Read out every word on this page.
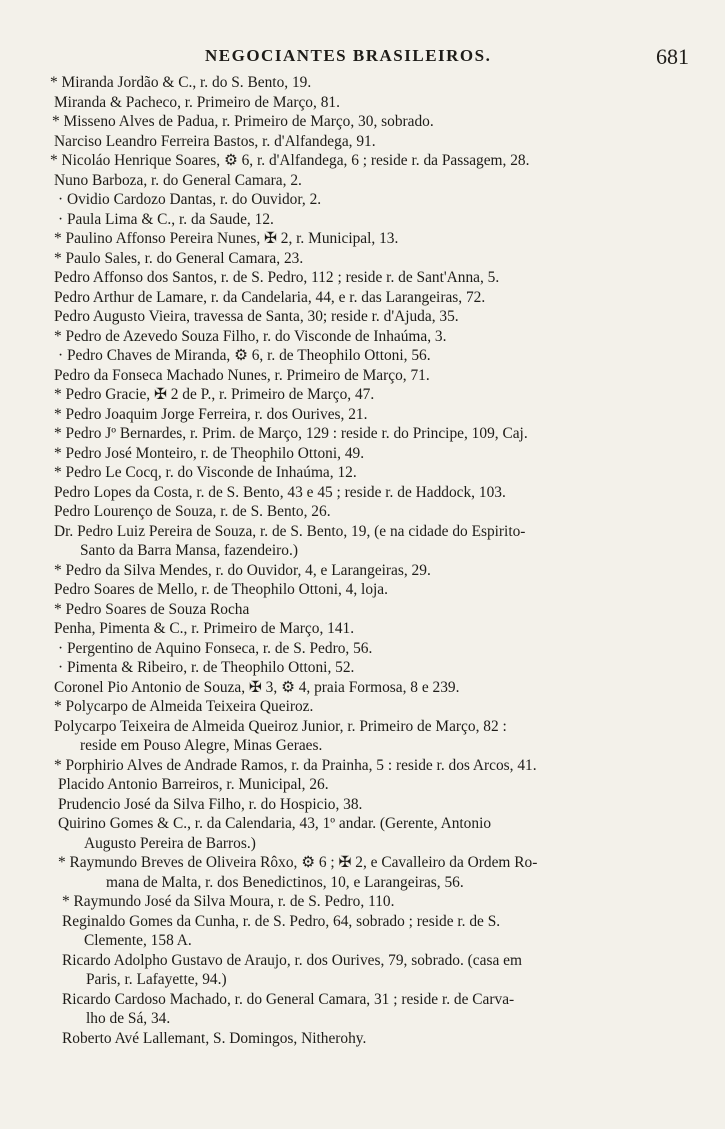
NEGOCIANTES BRASILEIROS.	681
* Miranda Jordão & C., r. do S. Bento, 19.
Miranda & Pacheco, r. Primeiro de Março, 81.
* Misseno Alves de Padua, r. Primeiro de Março, 30, sobrado.
Narciso Leandro Ferreira Bastos, r. d'Alfandega, 91.
* Nicoláo Henrique Soares, ⚙ 6, r. d'Alfandega, 6 ; reside r. da Passagem, 28.
Nuno Barboza, r. do General Camara, 2.
· Ovidio Cardozo Dantas, r. do Ouvidor, 2.
· Paula Lima & C., r. da Saude, 12.
* Paulino Affonso Pereira Nunes, ✠ 2, r. Municipal, 13.
* Paulo Sales, r. do General Camara, 23.
Pedro Affonso dos Santos, r. de S. Pedro, 112 ; reside r. de Sant'Anna, 5.
Pedro Arthur de Lamare, r. da Candelaria, 44, e r. das Larangeiras, 72.
Pedro Augusto Vieira, travessa de Santa, 30; reside r. d'Ajuda, 35.
* Pedro de Azevedo Souza Filho, r. do Visconde de Inhaúma, 3.
· Pedro Chaves de Miranda, ⚙ 6, r. de Theophilo Ottoni, 56.
Pedro da Fonseca Machado Nunes, r. Primeiro de Março, 71.
* Pedro Gracie, ✠ 2 de P., r. Primeiro de Março, 47.
* Pedro Joaquim Jorge Ferreira, r. dos Ourives, 21.
* Pedro Jº Bernardes, r. Prim. de Março, 129 : reside r. do Principe, 109, Caj.
* Pedro José Monteiro, r. de Theophilo Ottoni, 49.
* Pedro Le Cocq, r. do Visconde de Inhaúma, 12.
Pedro Lopes da Costa, r. de S. Bento, 43 e 45 ; reside r. de Haddock, 103.
Pedro Lourenço de Souza, r. de S. Bento, 26.
Dr. Pedro Luiz Pereira de Souza, r. de S. Bento, 19, (e na cidade do Espirito-
Santo da Barra Mansa, fazendeiro.)
* Pedro da Silva Mendes, r. do Ouvidor, 4, e Larangeiras, 29.
Pedro Soares de Mello, r. de Theophilo Ottoni, 4, loja.
* Pedro Soares de Souza Rocha
Penha, Pimenta & C., r. Primeiro de Março, 141.
· Pergentino de Aquino Fonseca, r. de S. Pedro, 56.
· Pimenta & Ribeiro, r. de Theophilo Ottoni, 52.
Coronel Pio Antonio de Souza, ✠ 3, ⚙ 4, praia Formosa, 8 e 239.
* Polycarpo de Almeida Teixeira Queiroz.
Polycarpo Teixeira de Almeida Queiroz Junior, r. Primeiro de Março, 82 :
reside em Pouso Alegre, Minas Geraes.
* Porphirio Alves de Andrade Ramos, r. da Prainha, 5 : reside r. dos Arcos, 41.
Placido Antonio Barreiros, r. Municipal, 26.
Prudencio José da Silva Filho, r. do Hospicio, 38.
Quirino Gomes & C., r. da Calendaria, 43, 1º andar. (Gerente, Antonio
Augusto Pereira de Barros.)
* Raymundo Breves de Oliveira Rôxo, ⚙ 6 ; ✠ 2, e Cavalleiro da Ordem Ro-
mana de Malta, r. dos Benedictinos, 10, e Larangeiras, 56.
* Raymundo José da Silva Moura, r. de S. Pedro, 110.
Reginaldo Gomes da Cunha, r. de S. Pedro, 64, sobrado ; reside r. de S.
Clemente, 158 A.
Ricardo Adolpho Gustavo de Araujo, r. dos Ourives, 79, sobrado. (casa em
Paris, r. Lafayette, 94.)
Ricardo Cardoso Machado, r. do General Camara, 31 ; reside r. de Carva-
lho de Sá, 34.
Roberto Avé Lallemant, S. Domingos, Nitherohy.
